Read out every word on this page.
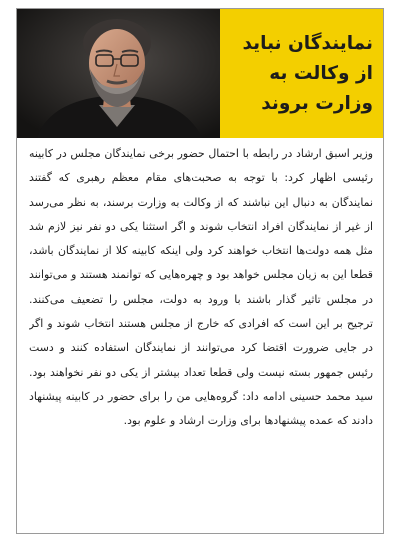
نمایندگان نباید از وکالت به وزارت بروند
وزیر اسبق ارشاد در رابطه با احتمال حضور برخی نمایندگان مجلس در کابینه رئیسی اظهار کرد: با توجه به صحبت‌های مقام معظم رهبری که گفتند نمایندگان به دنبال این نباشند که از وکالت به وزارت برسند، به نظر می‌رسد از غیر از نمایندگان افراد انتخاب شوند و اگر استثنا یکی دو نفر نیز لازم شد مثل همه دولت‌ها انتخاب خواهند کرد ولی اینکه کابینه کلا از نمایندگان باشد، قطعا این به زیان مجلس خواهد بود و چهره‌هایی که توانمند هستند و می‌توانند در مجلس تاثیر گذار باشند با ورود به دولت، مجلس را تضعیف می‌کنند. ترجیح بر این است که افرادی که خارج از مجلس هستند انتخاب شوند و اگر در جایی ضرورت اقتضا کرد می‌توانند از نمایندگان استفاده کنند و دست رئیس جمهور بسته نیست ولی قطعا تعداد بیشتر از یکی دو نفر نخواهند بود. سید محمد حسینی ادامه داد: گروه‌هایی من را برای حضور در کابینه پیشنهاد دادند که عمده پیشنهادها برای وزارت ارشاد و علوم بود.
